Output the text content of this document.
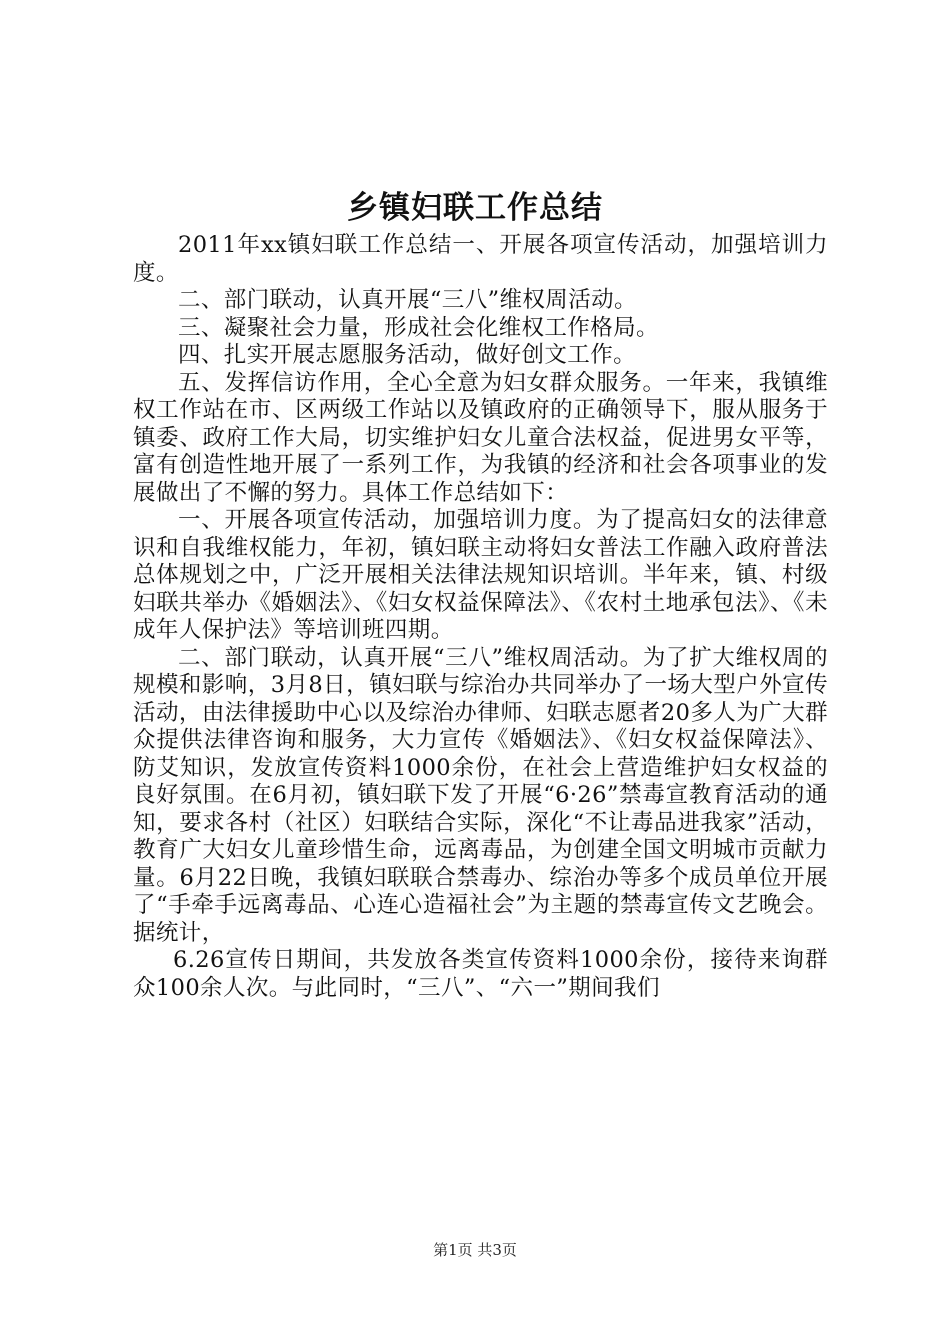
乡镇妇联工作总结

2011年xx镇妇联工作总结一、开展各项宣传活动，加强培训力度。

二、部门联动，认真开展“三八”维权周活动。

三、凝聚社会力量，形成社会化维权工作格局。

四、扎实开展志愿服务活动，做好创文工作。

五、发挥信访作用，全心全意为妇女群众服务。一年来，我镇维权工作站在市、区两级工作站以及镇政府的正确领导下，服从服务于镇委、政府工作大局，切实维护妇女儿童合法权益，促进男女平等，富有创造性地开展了一系列工作，为我镇的经济和社会各项事业的发展做出了不懈的努力。具体工作总结如下：

一、开展各项宣传活动，加强培训力度。为了提高妇女的法律意识和自我维权能力，年初，镇妇联主动将妇女普法工作融入政府普法总体规划之中，广泛开展相关法律法规知识培训。半年来，镇、村级妇联共举办《婚姻法》、《妇女权益保障法》、《农村土地承包法》、《未成年人保护法》等培训班四期。

二、部门联动，认真开展“三八”维权周活动。为了扩大维权周的规模和影响，3月8日，镇妇联与综治办共同举办了一场大型户外宣传活动，由法律援助中心以及综治办律师、妇联志愿者20多人为广大群众提供法律咨询和服务，大力宣传《婚姻法》、《妇女权益保障法》、防艾知识，发放宣传资料1000余份，在社会上营造维护妇女权益的良好氛围。在6月初，镇妇联下发了开展“6·26”禁毒宣教育活动的通知，要求各村（社区）妇联结合实际，深化“不让毒品进我家”活动，教育广大妇女儿童珍惜生命，远离毒品，为创建全国文明城市贡献力量。6月22日晚，我镇妇联联合禁毒办、综治办等多个成员单位开展了“手牵手远离毒品、心连心造福社会”为主题的禁毒宣传文艺晚会。据统计，

6.26宣传日期间，共发放各类宣传资料1000余份，接待来询群众100余人次。与此同时，“三八”、“六一”期间我们

第1页 共3页
